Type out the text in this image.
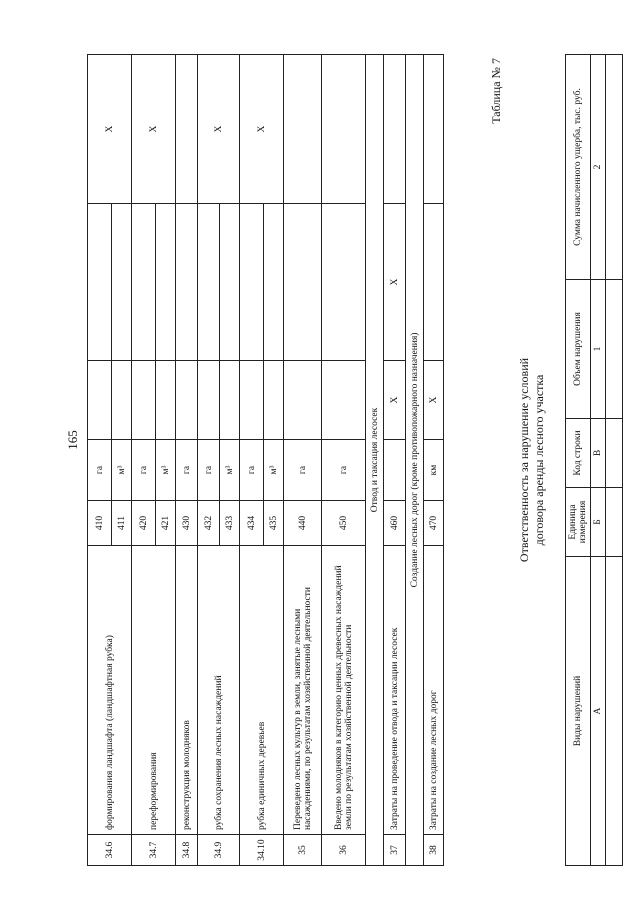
165
34.6	формирования ландшафта (ландшафтная рубка)	410	га			X
		411	м³			
34.7	переформирования	420	га			X
		421	м³			
34.8	реконструкция молодняков	430	га			
34.9	рубка сохранения лесных насаждений	432	га			X
		433	м³			
34.10	рубка единичных деревьев	434	га			X
		435	м³			
35	Переведено лесных культур в земли, занятые лесными насаждениями, по результатам хозяйственной деятельности	440	га			
36	Введено молодняков в категорию ценных древесных насаждений земли по результатам хозяйственной деятельности	450	га			
Отвод и таксация лесосек						
37	Затраты на проведение отвода и таксации лесосек	460		X	X	
Создание лесных дорог (кроме противопожарного назначения)						
38	Затраты на создание лесных дорог	470	км	X		
Таблица № 7
Ответственность за нарушение условий договора аренды лесного участка
Виды нарушений	Единица измерения	Код строки	Объем нарушения	Сумма начисленного ущерба, тыс. руб.
А	Б	В	1	2
